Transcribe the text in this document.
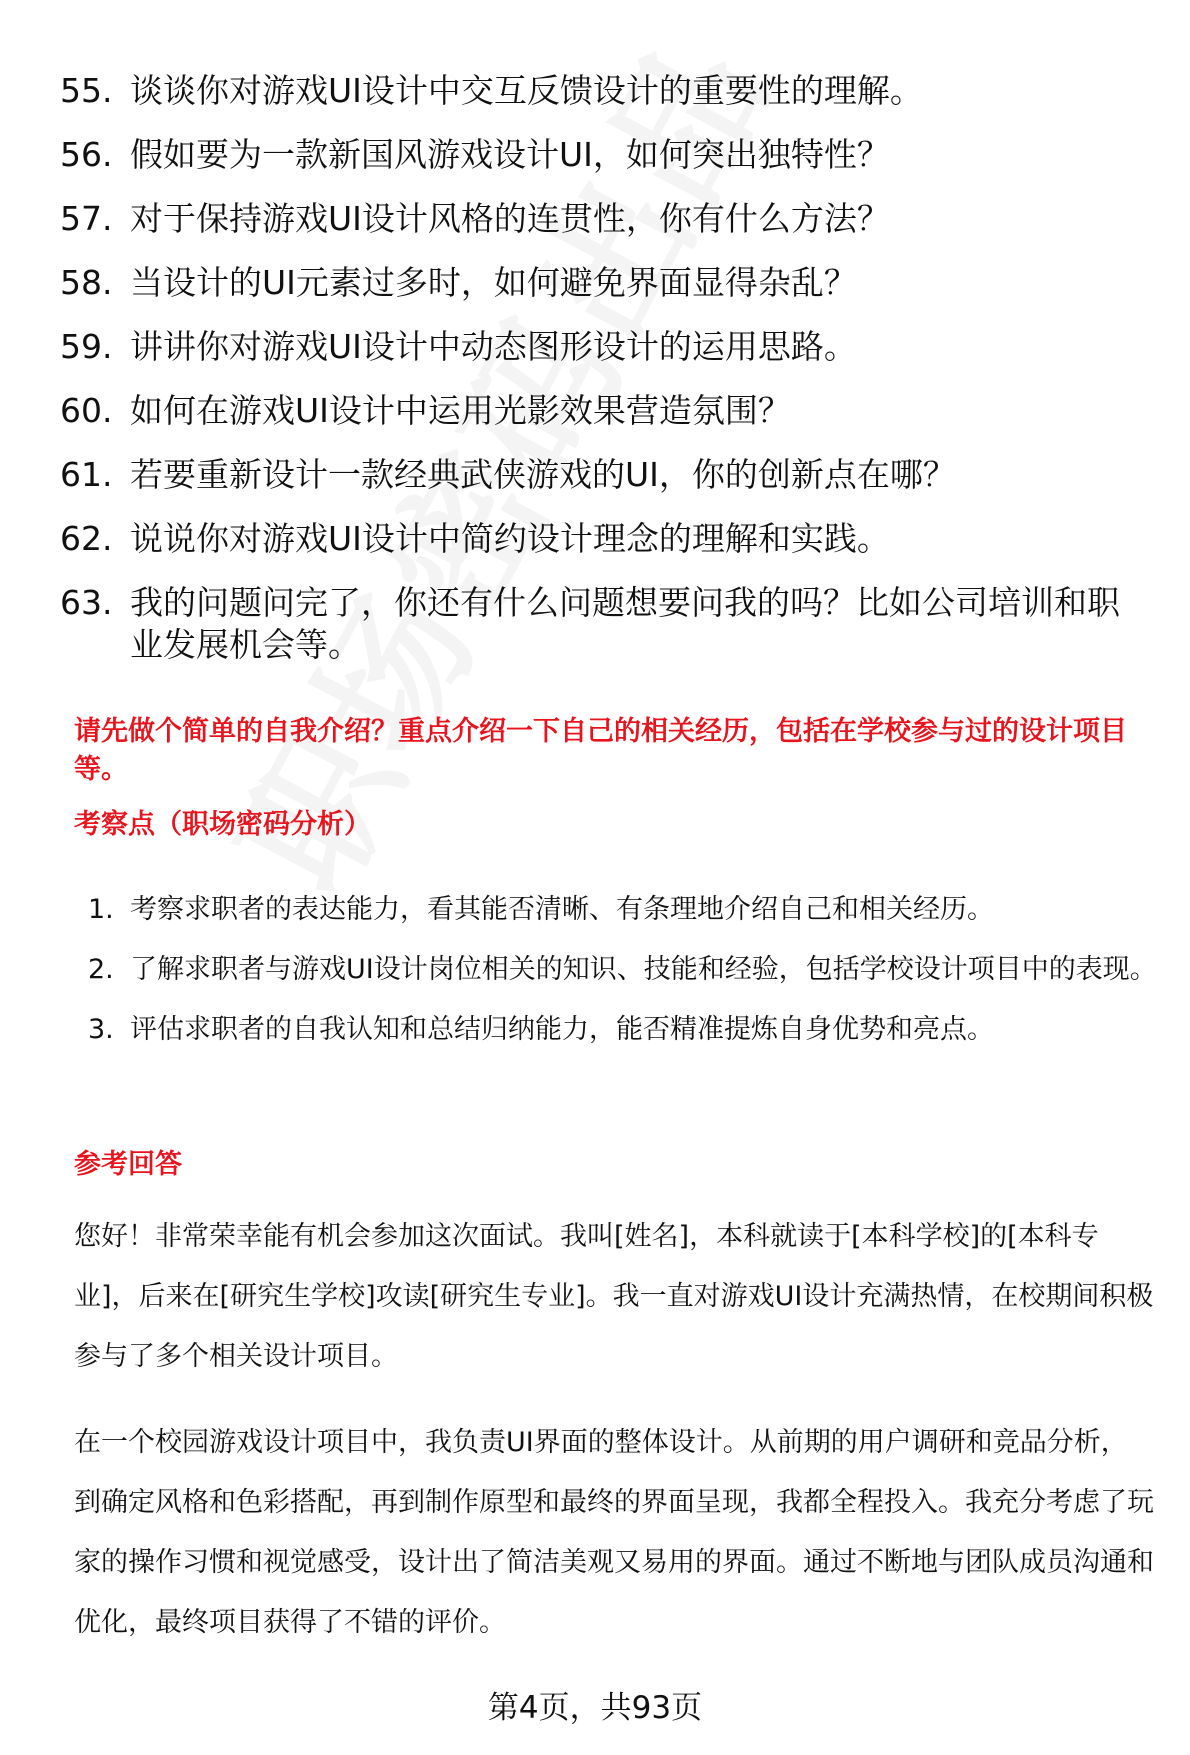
55. 谈谈你对游戏UI设计中交互反馈设计的重要性的理解。
56. 假如要为一款新国风游戏设计UI，如何突出独特性？
57. 对于保持游戏UI设计风格的连贯性，你有什么方法？
58. 当设计的UI元素过多时，如何避免界面显得杂乱？
59. 讲讲你对游戏UI设计中动态图形设计的运用思路。
60. 如何在游戏UI设计中运用光影效果营造氛围？
61. 若要重新设计一款经典武侠游戏的UI，你的创新点在哪？
62. 说说你对游戏UI设计中简约设计理念的理解和实践。
63. 我的问题问完了，你还有什么问题想要问我的吗？比如公司培训和职业发展机会等。
请先做个简单的自我介绍？重点介绍一下自己的相关经历，包括在学校参与过的设计项目等。
考察点（职场密码分析）
1. 考察求职者的表达能力，看其能否清晰、有条理地介绍自己和相关经历。
2. 了解求职者与游戏UI设计岗位相关的知识、技能和经验，包括学校设计项目中的表现。
3. 评估求职者的自我认知和总结归纳能力，能否精准提炼自身优势和亮点。
参考回答
您好！非常荣幸能有机会参加这次面试。我叫[姓名]，本科就读于[本科学校]的[本科专业]，后来在[研究生学校]攻读[研究生专业]。我一直对游戏UI设计充满热情，在校期间积极参与了多个相关设计项目。
在一个校园游戏设计项目中，我负责UI界面的整体设计。从前期的用户调研和竞品分析，到确定风格和色彩搭配，再到制作原型和最终的界面呈现，我都全程投入。我充分考虑了玩家的操作习惯和视觉感受，设计出了简洁美观又易用的界面。通过不断地与团队成员沟通和优化，最终项目获得了不错的评价。
第4页，共93页
